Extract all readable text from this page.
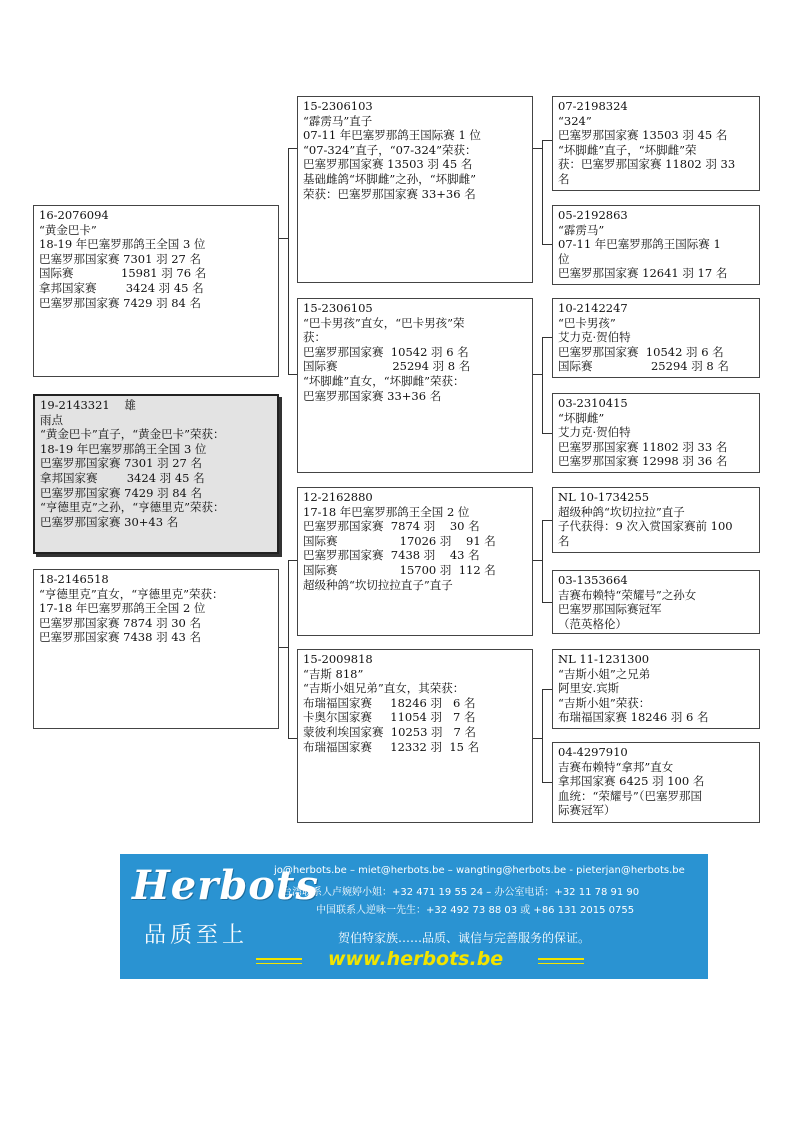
19-2143321    雄
雨点
“黄金巴卡”直子，“黄金巴卡”荣获：
18-19 年巴塞罗那鸽王全国 3 位
巴塞罗那国家赛 7301 羽 27 名
拿邦国家赛        3424 羽 45 名
巴塞罗那国家赛 7429 羽 84 名
“亨德里克”之孙，“亨德里克”荣获：
巴塞罗那国家赛 30+43 名
16-2076094
“黄金巴卡”
18-19 年巴塞罗那鸽王全国 3 位
巴塞罗那国家赛 7301 羽 27 名
国际赛             15981 羽 76 名
拿邦国家赛        3424 羽 45 名
巴塞罗那国家赛 7429 羽 84 名
18-2146518
“亨德里克”直女，“亨德里克”荣获：
17-18 年巴塞罗那鸽王全国 2 位
巴塞罗那国家赛 7874 羽 30 名
巴塞罗那国家赛 7438 羽 43 名
15-2306103
“霹雳马”直子
07-11 年巴塞罗那鸽王国际赛 1 位
“07-324”直子，“07-324”荣获：
巴塞罗那国家赛 13503 羽 45 名
基础雌鸽“坏脚雌”之孙，“坏脚雌”
荣获：巴塞罗那国家赛 33+36 名
15-2306105
“巴卡男孩”直女，“巴卡男孩”荣
获：
巴塞罗那国家赛  10542 羽 6 名
国际赛               25294 羽 8 名
“坏脚雌”直女，“坏脚雌”荣获：
巴塞罗那国家赛 33+36 名
12-2162880
17-18 年巴塞罗那鸽王全国 2 位
巴塞罗那国家赛  7874 羽    30 名
国际赛                 17026 羽    91 名
巴塞罗那国家赛  7438 羽    43 名
国际赛                 15700 羽  112 名
超级种鸽“坎切拉拉直子”直子
15-2009818
“吉斯 818”
“吉斯小姐兄弟”直女，其荣获：
布瑞福国家赛     18246 羽   6 名
卡奥尔国家赛     11054 羽   7 名
蒙彼利埃国家赛  10253 羽   7 名
布瑞福国家赛     12332 羽  15 名
07-2198324
“324”
巴塞罗那国家赛 13503 羽 45 名
“坏脚雌”直子，“坏脚雌”荣
获：巴塞罗那国家赛 11802 羽 33
名
05-2192863
“霹雳马”
07-11 年巴塞罗那鸽王国际赛 1
位
巴塞罗那国家赛 12641 羽 17 名
10-2142247
“巴卡男孩”
艾力克·贺伯特
巴塞罗那国家赛  10542 羽 6 名
国际赛                25294 羽 8 名
03-2310415
“坏脚雌”
艾力克·贺伯特
巴塞罗那国家赛 11802 羽 33 名
巴塞罗那国家赛 12998 羽 36 名
NL 10-1734255
超级种鸽“坎切拉拉”直子
子代获得：9 次入赏国家赛前 100
名
03-1353664
吉赛布赖特“荣耀号”之孙女
巴塞罗那国际赛冠军
（范英格伦）
NL 11-1231300
“吉斯小姐”之兄弟
阿里安.宾斯
“吉斯小姐”荣获：
布瑞福国家赛 18246 羽 6 名
04-4297910
吉赛布赖特“拿邦”直女
拿邦国家赛 6425 羽 100 名
血统：“荣耀号”（巴塞罗那国
际赛冠军）
Herbots
品质至上
jo@herbots.be – miet@herbots.be – wangting@herbots.be - pieterjan@herbots.be
台湾联系人卢婉婷小姐：+32 471 19 55 24 – 办公室电话：+32 11 78 91 90
中国联系人逆咏一先生：+32 492 73 88 03 或 +86 131 2015 0755
贺伯特家族……品质、诚信与完善服务的保证。
www.herbots.be
